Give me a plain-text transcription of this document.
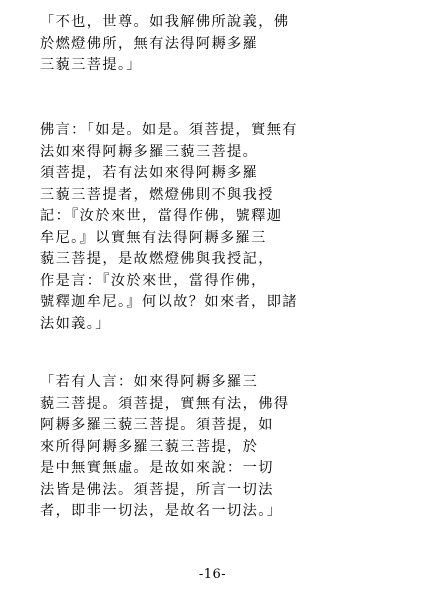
「不也，世尊。如我解佛所說義，佛
於燃燈佛所，無有法得阿耨多羅
三藐三菩提。」
佛言：「如是。如是。須菩提，實無有
法如來得阿耨多羅三藐三菩提。
須菩提，若有法如來得阿耨多羅
三藐三菩提者，燃燈佛則不與我授
記：『汝於來世，當得作佛，號釋迦
牟尼。』以實無有法得阿耨多羅三
藐三菩提，是故燃燈佛與我授記，
作是言：『汝於來世，當得作佛，
號釋迦牟尼。』何以故？如來者，即諸
法如義。」
「若有人言：如來得阿耨多羅三
藐三菩提。須菩提，實無有法，佛得
阿耨多羅三藐三菩提。須菩提，如
來所得阿耨多羅三藐三菩提，於
是中無實無虛。是故如來說：一切
法皆是佛法。須菩提，所言一切法
者，即非一切法，是故名一切法。」
-16-
